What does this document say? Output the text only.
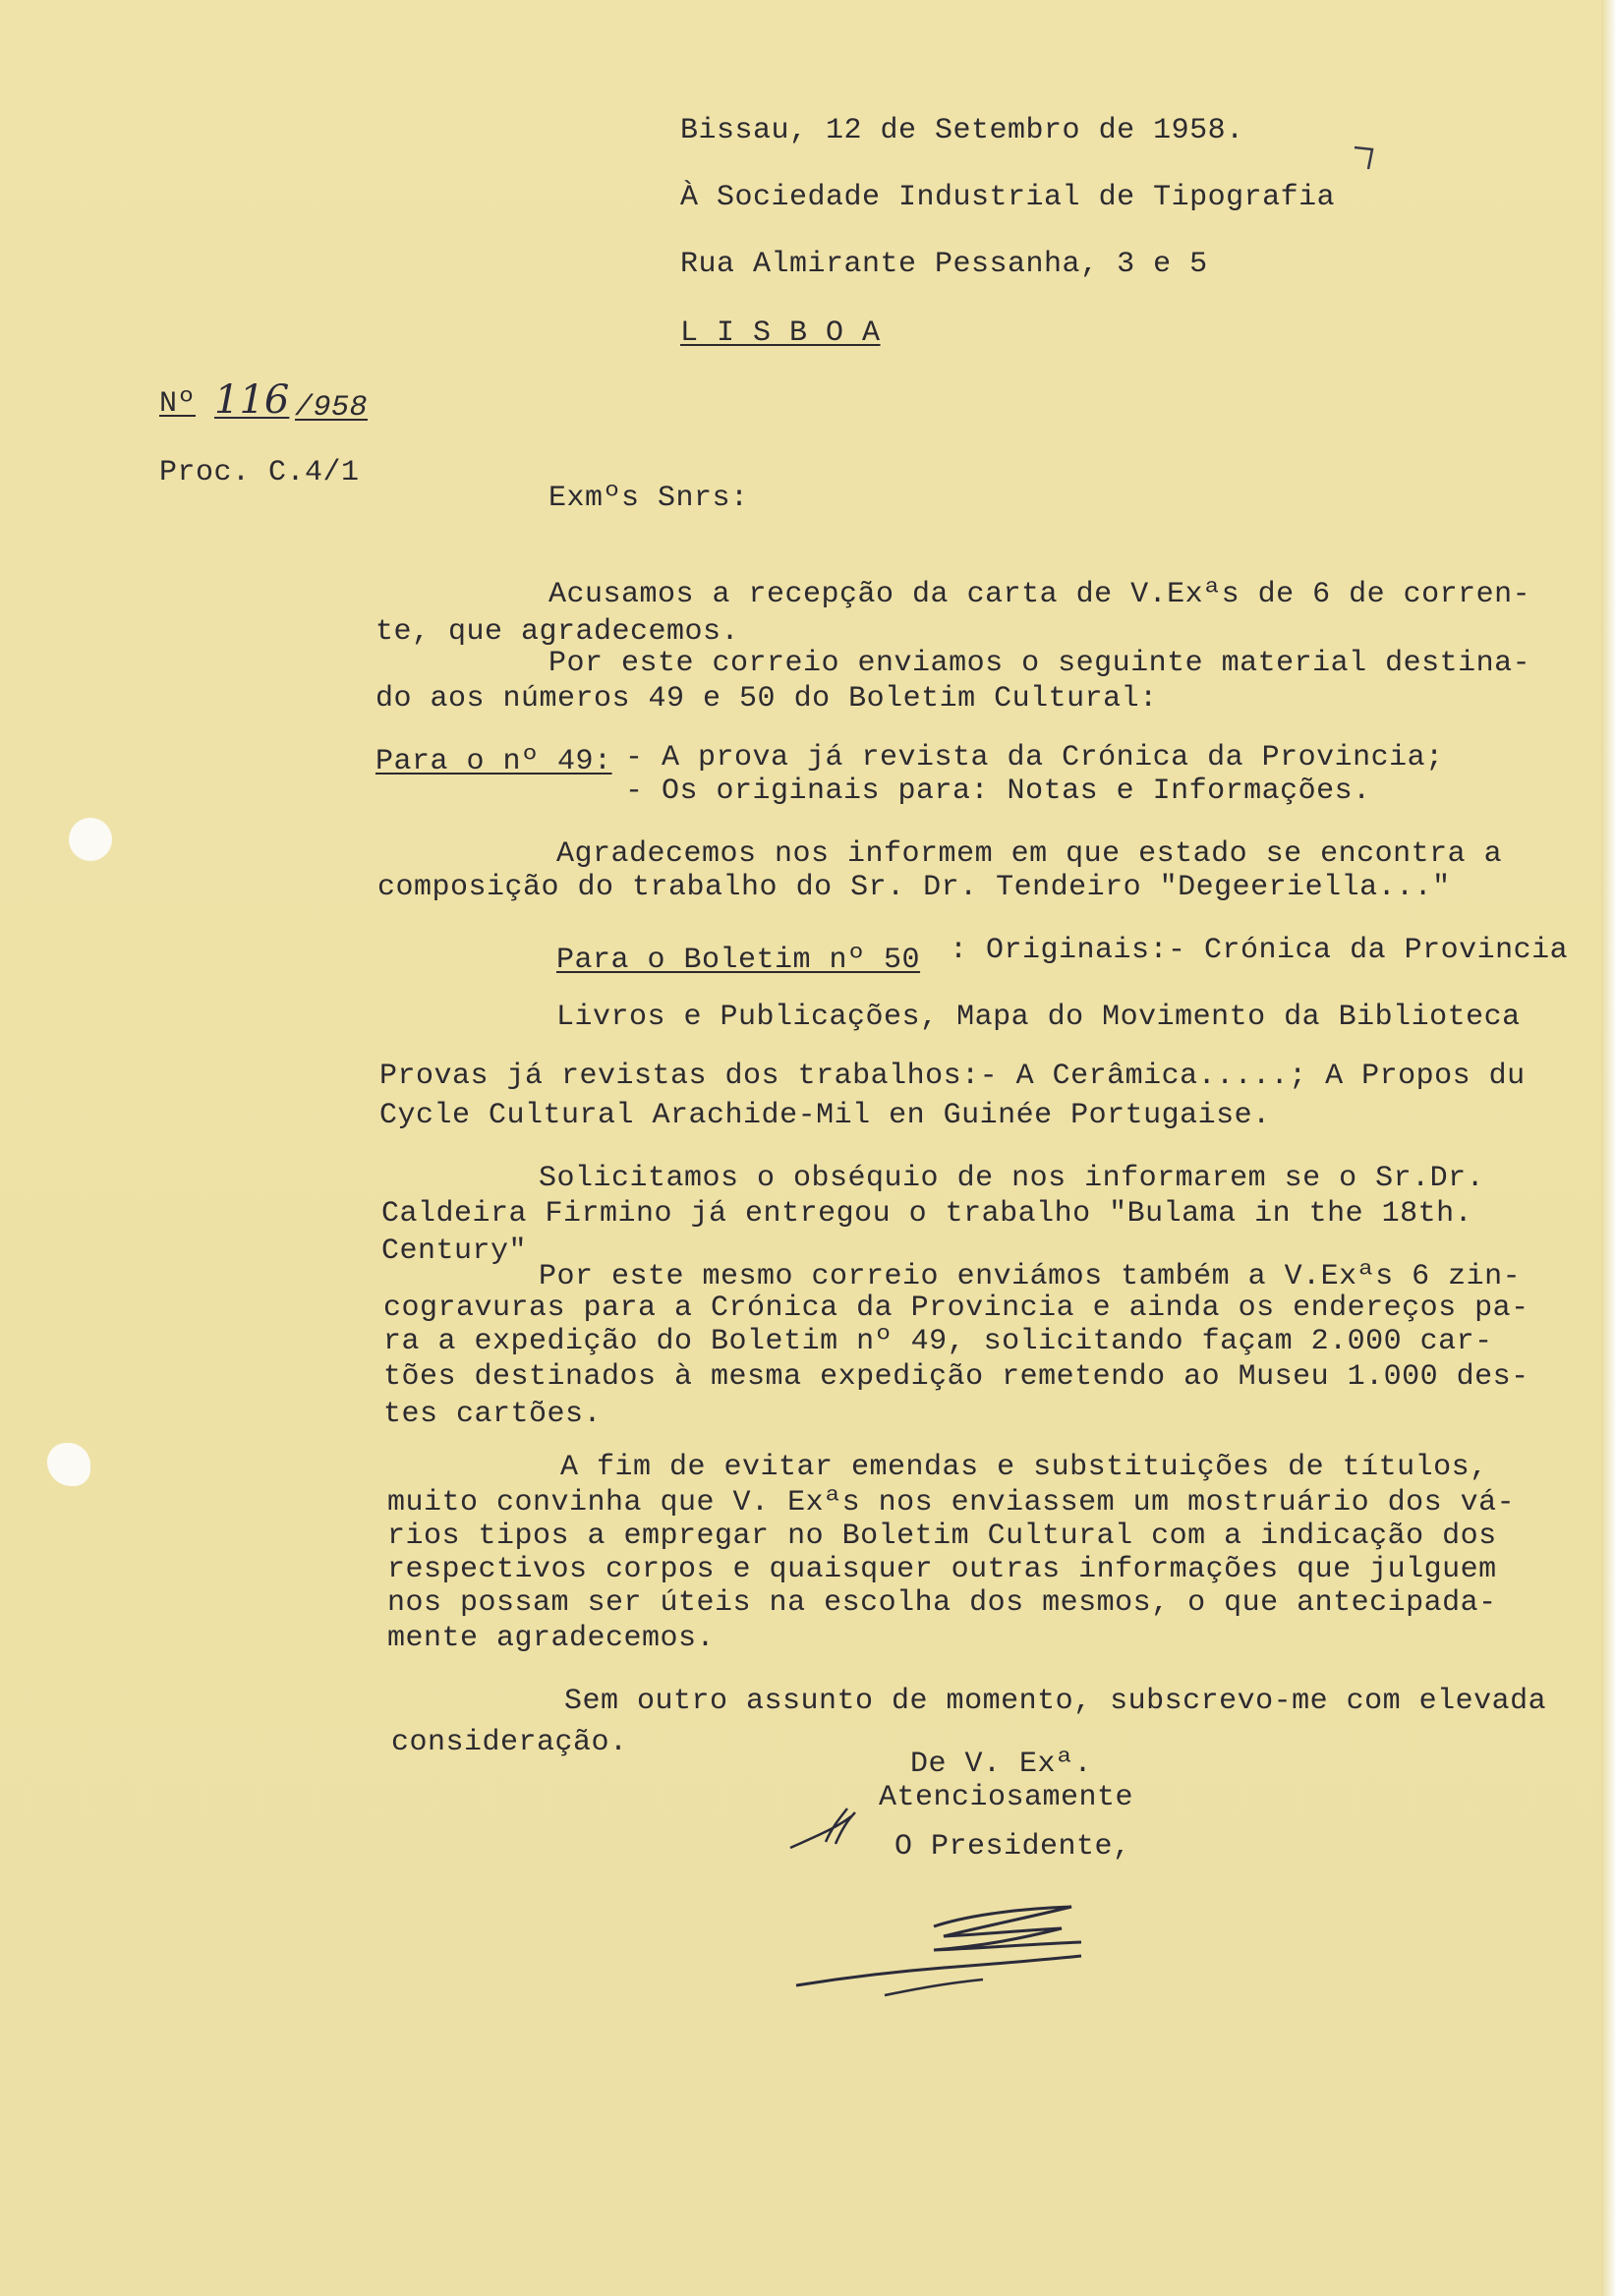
Bissau, 12 de Setembro de 1958.
À Sociedade Industrial de Tipografia
Rua Almirante Pessanha, 3 e 5
L I S B O A
Nº 116 /958
Proc. C.4/1
Exmºs Snrs:
Acusamos a recepção da carta de V.Exªs de 6 de corren-
te, que agradecemos.
Por este correio enviamos o seguinte material destina-
do aos números 49 e 50 do Boletim Cultural:
Para o nº 49: - A prova já revista da Crónica da Provincia;
- Os originais para: Notas e Informações.
Agradecemos nos informem em que estado se encontra a
composição do trabalho do Sr. Dr. Tendeiro "Degeeriella..."
Para o Boletim nº 50 : Originais:- Crónica da Provincia
Livros e Publicações, Mapa do Movimento da Biblioteca
Provas já revistas dos trabalhos:- A Cerâmica.....; A Propos du
Cycle Cultural Arachide-Mil en Guinée Portugaise.
Solicitamos o obséquio de nos informarem se o Sr.Dr.
Caldeira Firmino já entregou o trabalho "Bulama in the 18th.
Century"
Por este mesmo correio enviámos também a V.Exªs 6 zin-
cogravuras para a Crónica da Provincia e ainda os endereços pa-
ra a expedição do Boletim nº 49, solicitando façam 2.000 car-
tões destinados à mesma expedição remetendo ao Museu 1.000 des-
tes cartões.
A fim de evitar emendas e substituições de títulos,
muito convinha que V. Exªs nos enviassem um mostruário dos vá-
rios tipos a empregar no Boletim Cultural com a indicação dos
respectivos corpos e quaisquer outras informações que julguem
nos possam ser úteis na escolha dos mesmos, o que antecipada-
mente agradecemos.
Sem outro assunto de momento, subscrevo-me com elevada
consideração.
De V. Exª.
Atenciosamente
O Presidente,
